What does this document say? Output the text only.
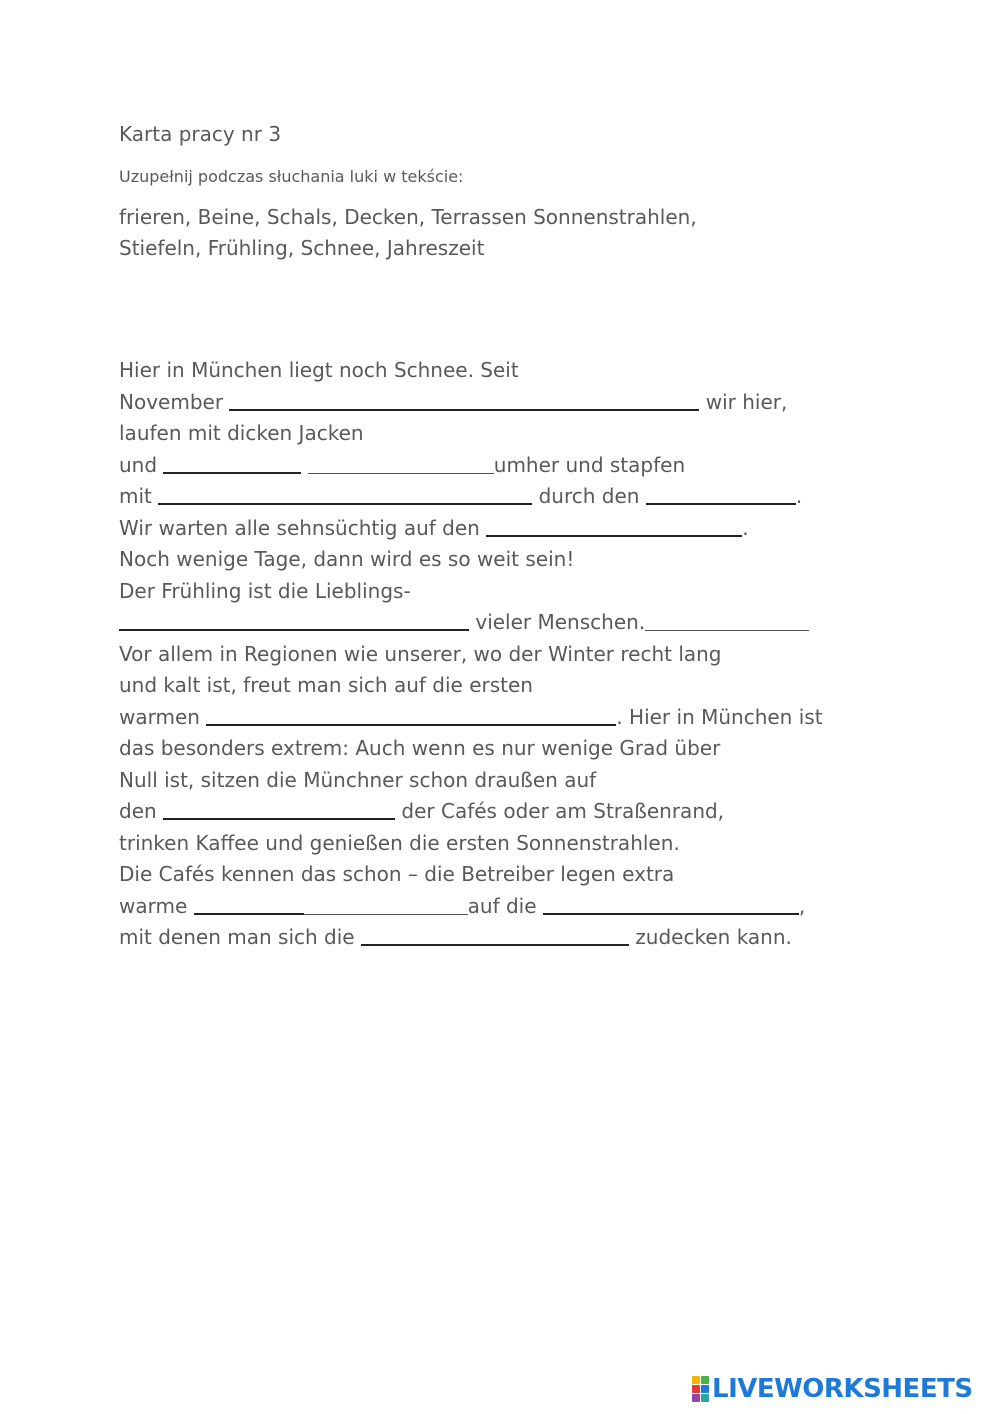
Karta pracy nr 3
Uzupełnij podczas słuchania luki w tekście:
frieren, Beine, Schals, Decken, Terrassen Sonnenstrahlen,
Stiefeln, Frühling, Schnee, Jahreszeit
Hier in München liegt noch Schnee. Seit
November	wir hier,
laufen mit dicken Jacken
und	umher und stapfen
mit	durch den	.
Wir warten alle sehnsüchtig auf den	.
Noch wenige Tage, dann wird es so weit sein!
Der Frühling ist die Lieblings-
vieler Menschen.
Vor allem in Regionen wie unserer, wo der Winter recht lang
und kalt ist, freut man sich auf die ersten
warmen	. Hier in München ist
das besonders extrem: Auch wenn es nur wenige Grad über
Null ist, sitzen die Münchner schon draußen auf
den	der Cafés oder am Straßenrand,
trinken Kaffee und genießen die ersten Sonnenstrahlen.
Die Cafés kennen das schon – die Betreiber legen extra
warme	auf die	,
mit denen man sich die	zudecken kann.
LIVEWORKSHEETS
